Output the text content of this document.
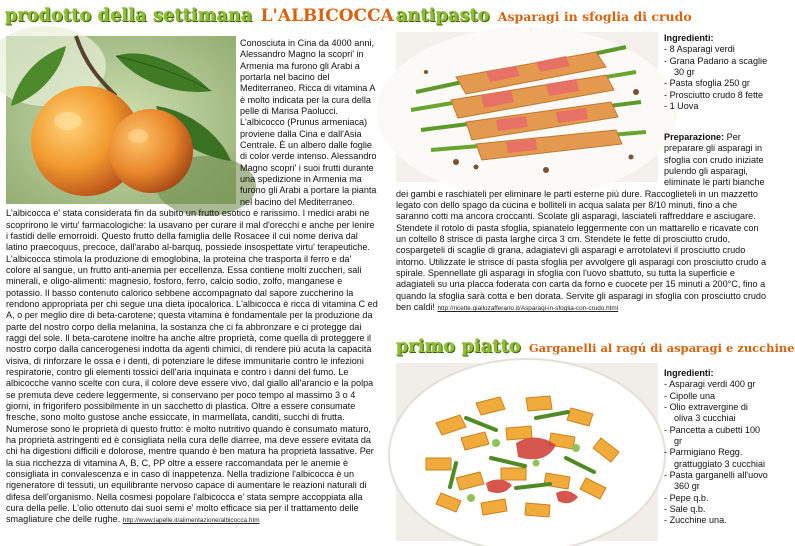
prodotto della settimana L'ALBICOCCA

Conosciuta in Cina da 4000 anni, Alessandro Magno la scopri' in Armenia ma furono gli Arabi a portarla nel bacino del Mediterraneo. Ricca di vitamina A è molto indicata per la cura della pelle di Marisa Paolucci. L'albicocco (Prunus armeniaca) proviene dalla Cina e dall'Asia Centrale. È un albero dalle foglie di color verde intenso. Alessandro Magno scopri' i suoi frutti durante una spedizione in Armenia ma furono gli Arabi a portare la pianta nel bacino del Mediterraneo. L'albicocca e' stata considerata fin da subito un frutto esotico e rarissimo. I medici arabi ne scoprirono le virtu' farmacologiche: la usavano per curare il mal d'orecchi e anche per lenire i fastidi delle emorroidi. Questo frutto della famiglia delle Rosacee il cui nome deriva dal latino praecoquus, precoce, dall'arabo al-barquq, possiede insospettate virtu' terapeutiche. L'albicocca stimola la produzione di emoglobina, la proteina che trasporta il ferro e da' colore al sangue, un frutto anti-anemia per eccellenza. Essa contiene molti zuccheri, sali minerali, e oligo-alimenti: magnesio, fosforo, ferro, calcio sodio, zolfo, manganese e potassio. Il basso contenuto calorico sebbene accompagnato dal sapore zuccherino la rendono appropriata per chi segue una dieta ipocalorica. L'albicocca è ricca di vitamina C ed A, o per meglio dire di beta-carotene; questa vitamina è fondamentale per la produzione da parte del nostro corpo della melanina, la sostanza che ci fa abbronzare e ci protegge dai raggi del sole. Il beta-carotene inoltre ha anche altre proprietà, come quella di proteggere il nostro corpo dalla cancerogenesi indotta da agenti chimici, di rendere più acuta la capacità visiva, di rinforzare le ossa e i denti, di potenziare le difese immunitarie contro le infezioni respiratorie, contro gli elementi tossici dell'aria inquinata e contro i danni del fumo. Le albicocche vanno scelte con cura, il colore deve essere vivo, dal giallo all'arancio e la polpa se premuta deve cedere leggermente, si conservano per poco tempo al massimo 3 o 4 giorni, in frigorifero possibilmente in un sacchetto di plastica. Oltre a essere consumate fresche, sono molto gustose anche essiccate, in marmellata, canditi, succhi di frutta. Numerose sono le proprietà di questo frutto: è molto nutritivo quando è consumato maturo, ha proprietà astringenti ed è consigliata nella cura delle diarree, ma deve essere evitata da chi ha digestioni difficili e dolorose, mentre quando è ben matura ha proprietà lassative. Per la sua ricchezza di vitamina A, B, C, PP oltre a essere raccomandata per le anemie è consigliata in convalescenza e in caso di inappetenza. Nella tradizione l'albicocca è un rigeneratore di tessuti, un equilibrante nervoso capace di aumentare le reazioni naturali di difesa dell'organismo. Nella cosmesi popolare l'albicocca e' stata sempre accoppiata alla cura della pelle. L'olio ottenuto dai suoi semi e' molto efficace sia per il trattamento delle smagliature che delle rughe. http://www.lapelle.it/alimentazione/albicocca.htm

antipasto Asparagi in sfoglia di crudo
Ingredienti:
- 8 Asparagi verdi
- Grana Padano a scaglie 30 gr
- Pasta sfoglia 250 gr
- Prosciutto crudo 8 fette
- 1 Uova

Preparazione: Per preparare gli asparagi in sfoglia con crudo iniziate pulendo gli asparagi, eliminate le parti bianche dei gambi e raschiateli per eliminare le parti esterne più dure. Raccoglieteli in un mazzetto legato con dello spago da cucina e bolliteli in acqua salata per 8/10 minuti, fino a che saranno cotti ma ancora croccanti. Scolate gli asparagi, lasciateli raffreddare e asciugare. Stendete il rotolo di pasta sfoglia, spianatelo leggermente con un mattarello e ricavate con un coltello 8 strisce di pasta larghe circa 3 cm. Stendete le fette di prosciutto crudo, cospargeteli di scaglie di grana, adagiatevi gli asparagi e arrotolatevi il prosciutto crudo intorno. Utilizzate le strisce di pasta sfoglia per avvolgere gli asparagi con prosciutto crudo a spirale. Spennellate gli asparagi in sfoglia con l'uovo sbattuto, su tutta la superficie e adagiateli su una placca foderata con carta da forno e cuocete per 15 minuti a 200°C, fino a quando la sfoglia sarà cotta e ben dorata. Servite gli asparagi in sfoglia con prosciutto crudo ben caldi! http://ricette.giallozafferano.it/Asparagi-in-sfoglia-con-crudo.html

primo piatto Garganelli al ragú di asparagi e zucchine
Ingredienti:
- Asparagi verdi 400 gr
- Cipolle una
- Olio extravergine di oliva 3 cucchiai
- Pancetta a cubetti 100 gr
- Parmigiano Regg. grattuggiato 3 cucchiai
- Pasta garganelli all'uovo 360 gr
- Pepe q.b.
- Sale q.b.
- Zucchine una.
